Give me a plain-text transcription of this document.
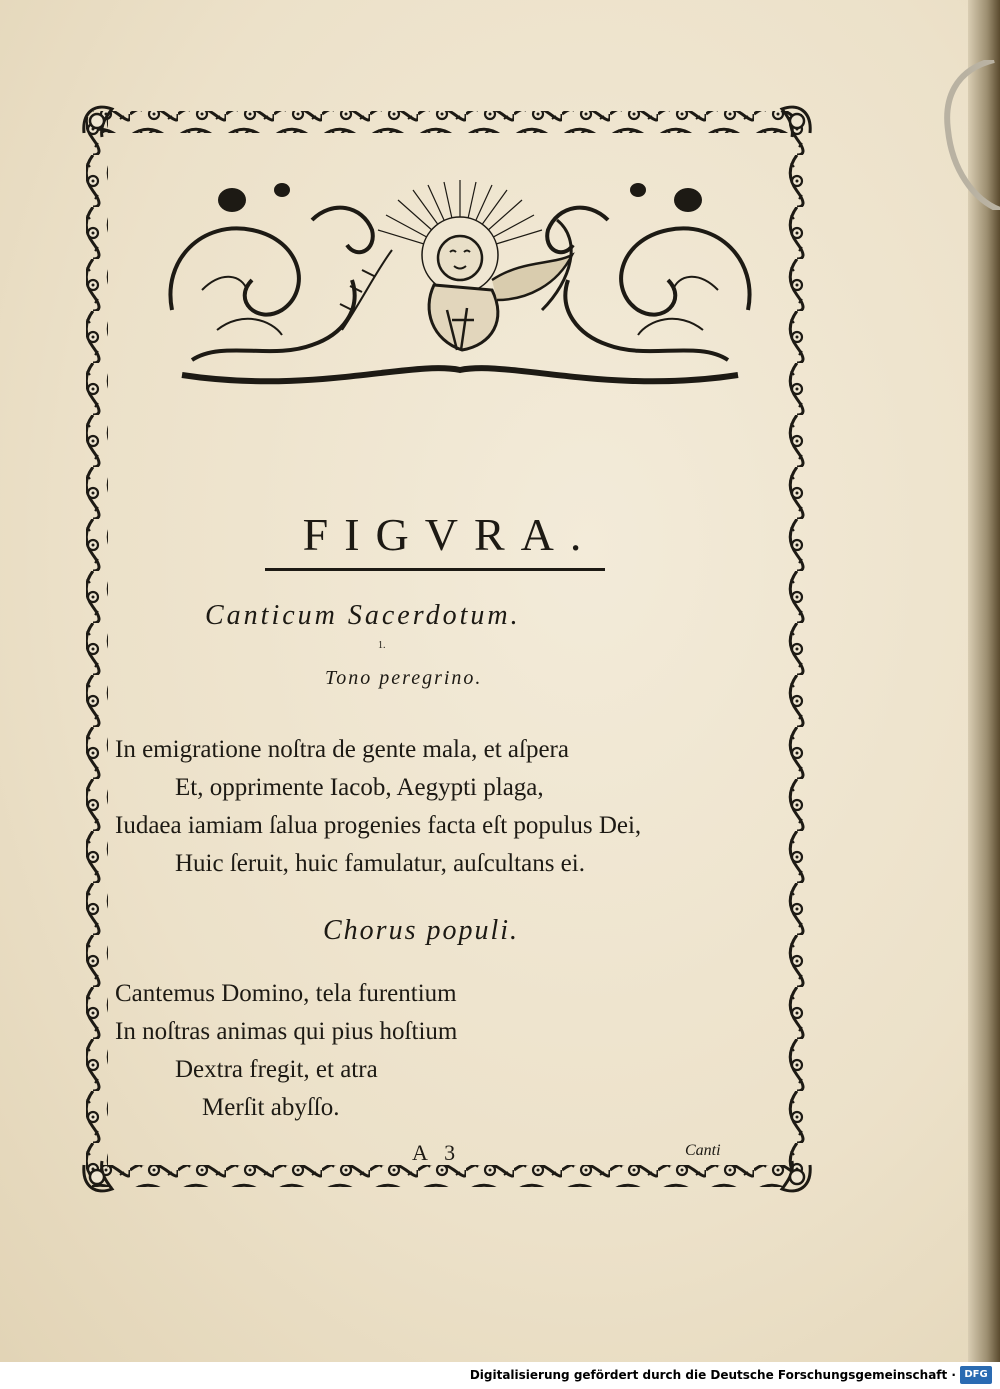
FIGVRA.
Canticum Sacerdotum.
1.
Tono peregrino.
In emigratione noſtra de gente mala, et aſpera
Et, opprimente Iacob, Aegypti plaga,
Iudaea iamiam ſalua progenies facta eſt populus Dei,
Huic ſeruit, huic famulatur, auſcultans ei.
Chorus populi.
Cantemus Domino, tela furentium
In noſtras animas qui pius hoſtium
Dextra fregit, et atra
Merſit abyſſo.
A 3	Canti
Digitalisierung gefördert durch die Deutsche Forschungsgemeinschaft · DFG
